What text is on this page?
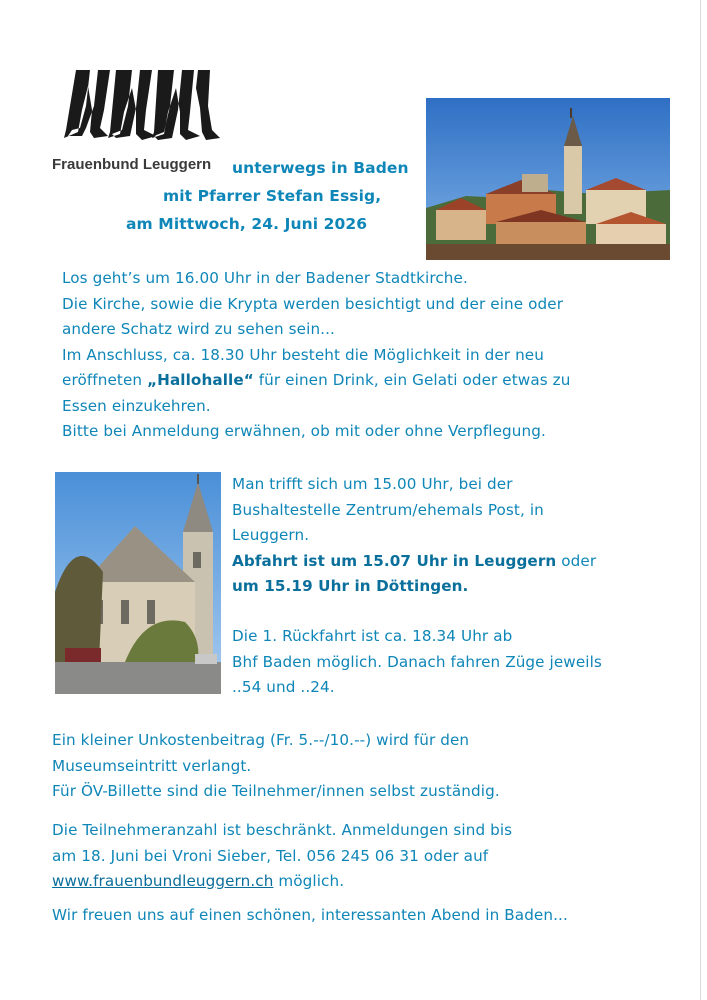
Frauenbund Leuggern unterwegs in Baden
mit Pfarrer Stefan Essig,
am Mittwoch, 24. Juni 2026
Los geht’s um 16.00 Uhr in der Badener Stadtkirche.
Die Kirche, sowie die Krypta werden besichtigt und der eine oder
andere Schatz wird zu sehen sein...
Im Anschluss, ca. 18.30 Uhr besteht die Möglichkeit in der neu
eröffneten „Hallohalle“ für einen Drink, ein Gelati oder etwas zu
Essen einzukehren.
Bitte bei Anmeldung erwähnen, ob mit oder ohne Verpflegung.
Man trifft sich um 15.00 Uhr, bei der
Bushaltestelle Zentrum/ehemals Post, in
Leuggern.
Abfahrt ist um 15.07 Uhr in Leuggern oder
um 15.19 Uhr in Döttingen.
Die 1. Rückfahrt ist ca. 18.34 Uhr ab
Bhf Baden möglich. Danach fahren Züge jeweils
..54 und ..24.
Ein kleiner Unkostenbeitrag (Fr. 5.--/10.--) wird für den
Museumseintritt verlangt.
Für ÖV-Billette sind die Teilnehmer/innen selbst zuständig.
Die Teilnehmeranzahl ist beschränkt. Anmeldungen sind bis
am 18. Juni bei Vroni Sieber, Tel. 056 245 06 31 oder auf
www.frauenbundleuggern.ch möglich.
Wir freuen uns auf einen schönen, interessanten Abend in Baden...
